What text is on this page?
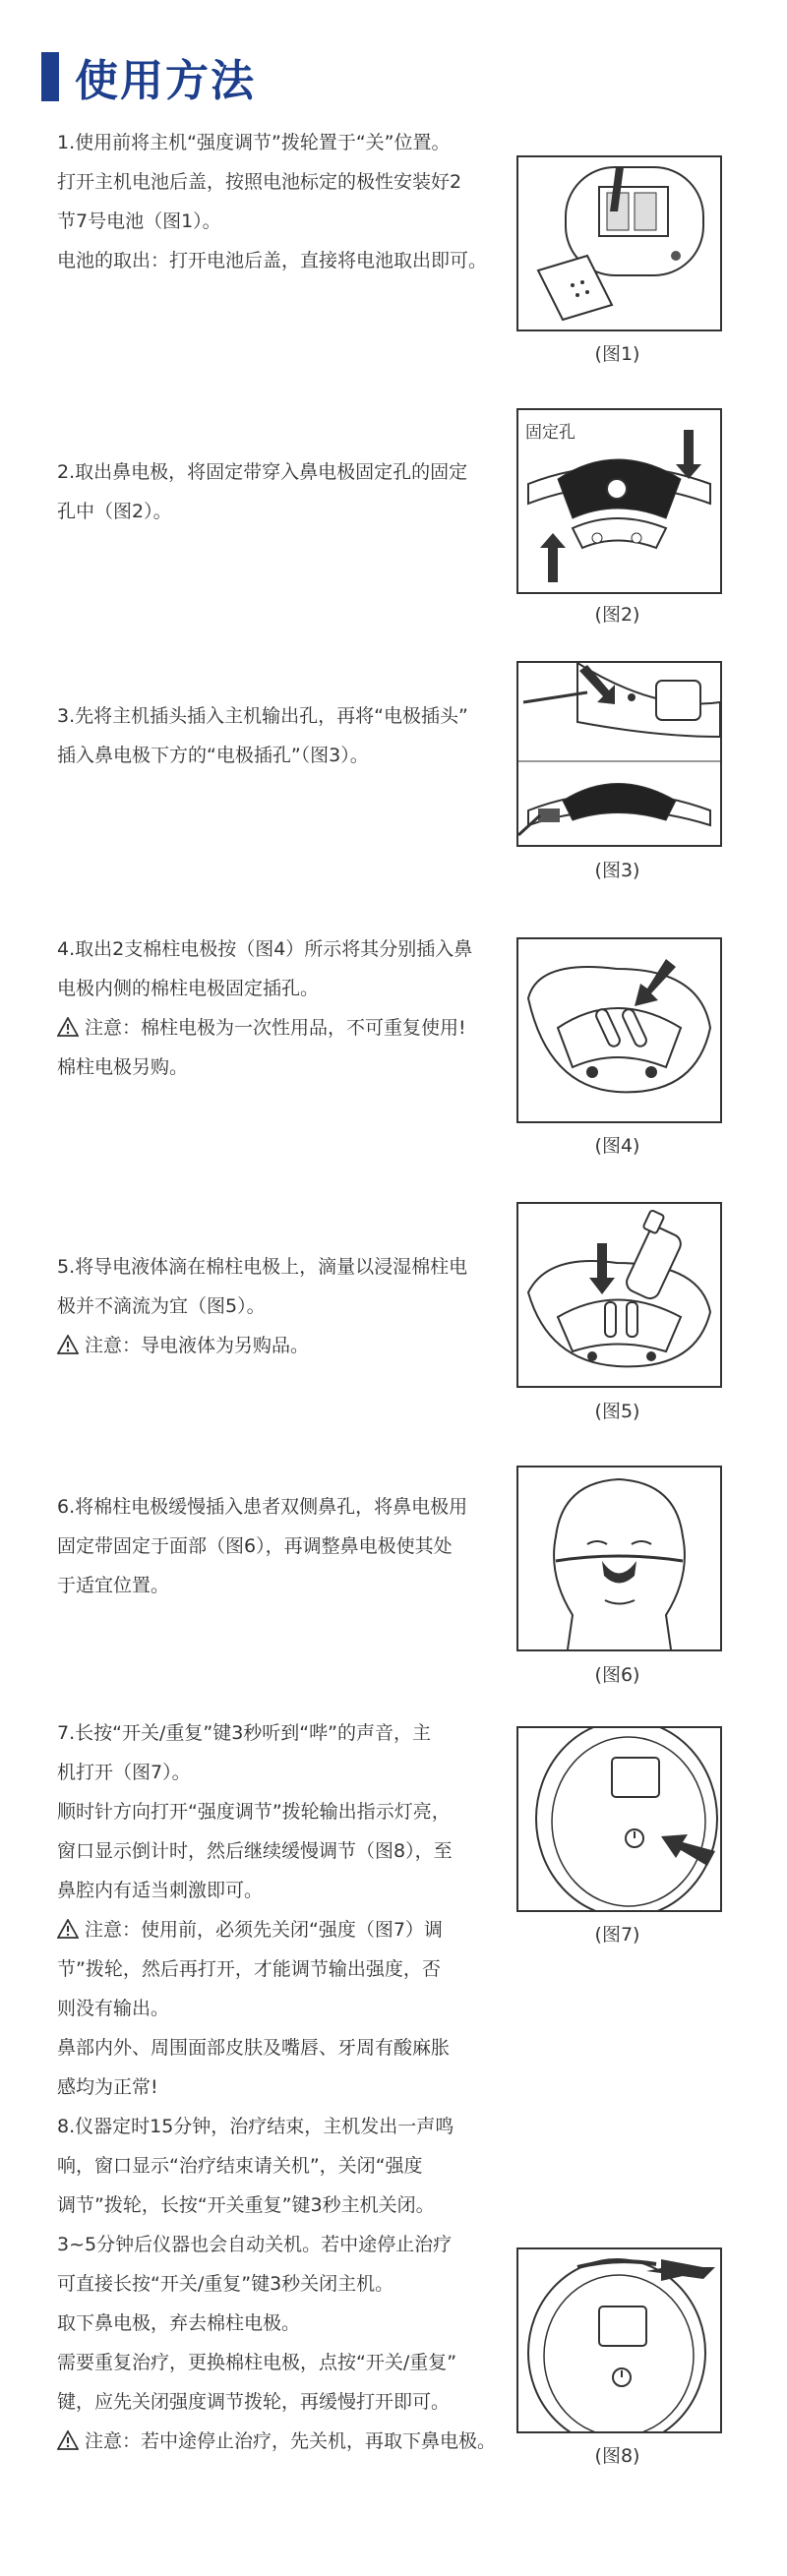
使用方法

1.使用前将主机“强度调节”拨轮置于“关”位置。

打开主机电池后盖，按照电池标定的极性安装好2

节7号电池（图1）。

电池的取出：打开电池后盖，直接将电池取出即可。

(图1)

2.取出鼻电极，将固定带穿入鼻电极固定孔的固定

孔中（图2）。

固定孔
(图2)

3.先将主机插头插入主机输出孔，再将“电极插头”

插入鼻电极下方的“电极插孔”（图3）。

(图3)

4.取出2支棉柱电极按（图4）所示将其分别插入鼻

电极内侧的棉柱电极固定插孔。

注意：棉柱电极为一次性用品，不可重复使用!

棉柱电极另购。

(图4)

5.将导电液体滴在棉柱电极上，滴量以浸湿棉柱电

极并不滴流为宜（图5）。

注意：导电液体为另购品。

(图5)

6.将棉柱电极缓慢插入患者双侧鼻孔，将鼻电极用

固定带固定于面部（图6），再调整鼻电极使其处

于适宜位置。

(图6)

7.长按“开关/重复”键3秒听到“哔”的声音，主

机打开（图7）。

顺时针方向打开“强度调节”拨轮输出指示灯亮，

窗口显示倒计时，然后继续缓慢调节（图8），至

鼻腔内有适当刺激即可。

注意：使用前，必须先关闭“强度（图7）调

节”拨轮，然后再打开，才能调节输出强度，否

则没有输出。

鼻部内外、周围面部皮肤及嘴唇、牙周有酸麻胀

感均为正常!

8.仪器定时15分钟，治疗结束，主机发出一声鸣

响，窗口显示“治疗结束请关机”，关闭“强度

调节”拨轮，长按“开关重复”键3秒主机关闭。

3~5分钟后仪器也会自动关机。若中途停止治疗

可直接长按“开关/重复”键3秒关闭主机。

取下鼻电极，弃去棉柱电极。

需要重复治疗，更换棉柱电极，点按“开关/重复”

键，应先关闭强度调节拨轮，再缓慢打开即可。

注意：若中途停止治疗，先关机，再取下鼻电极。

(图7)
(图8)
